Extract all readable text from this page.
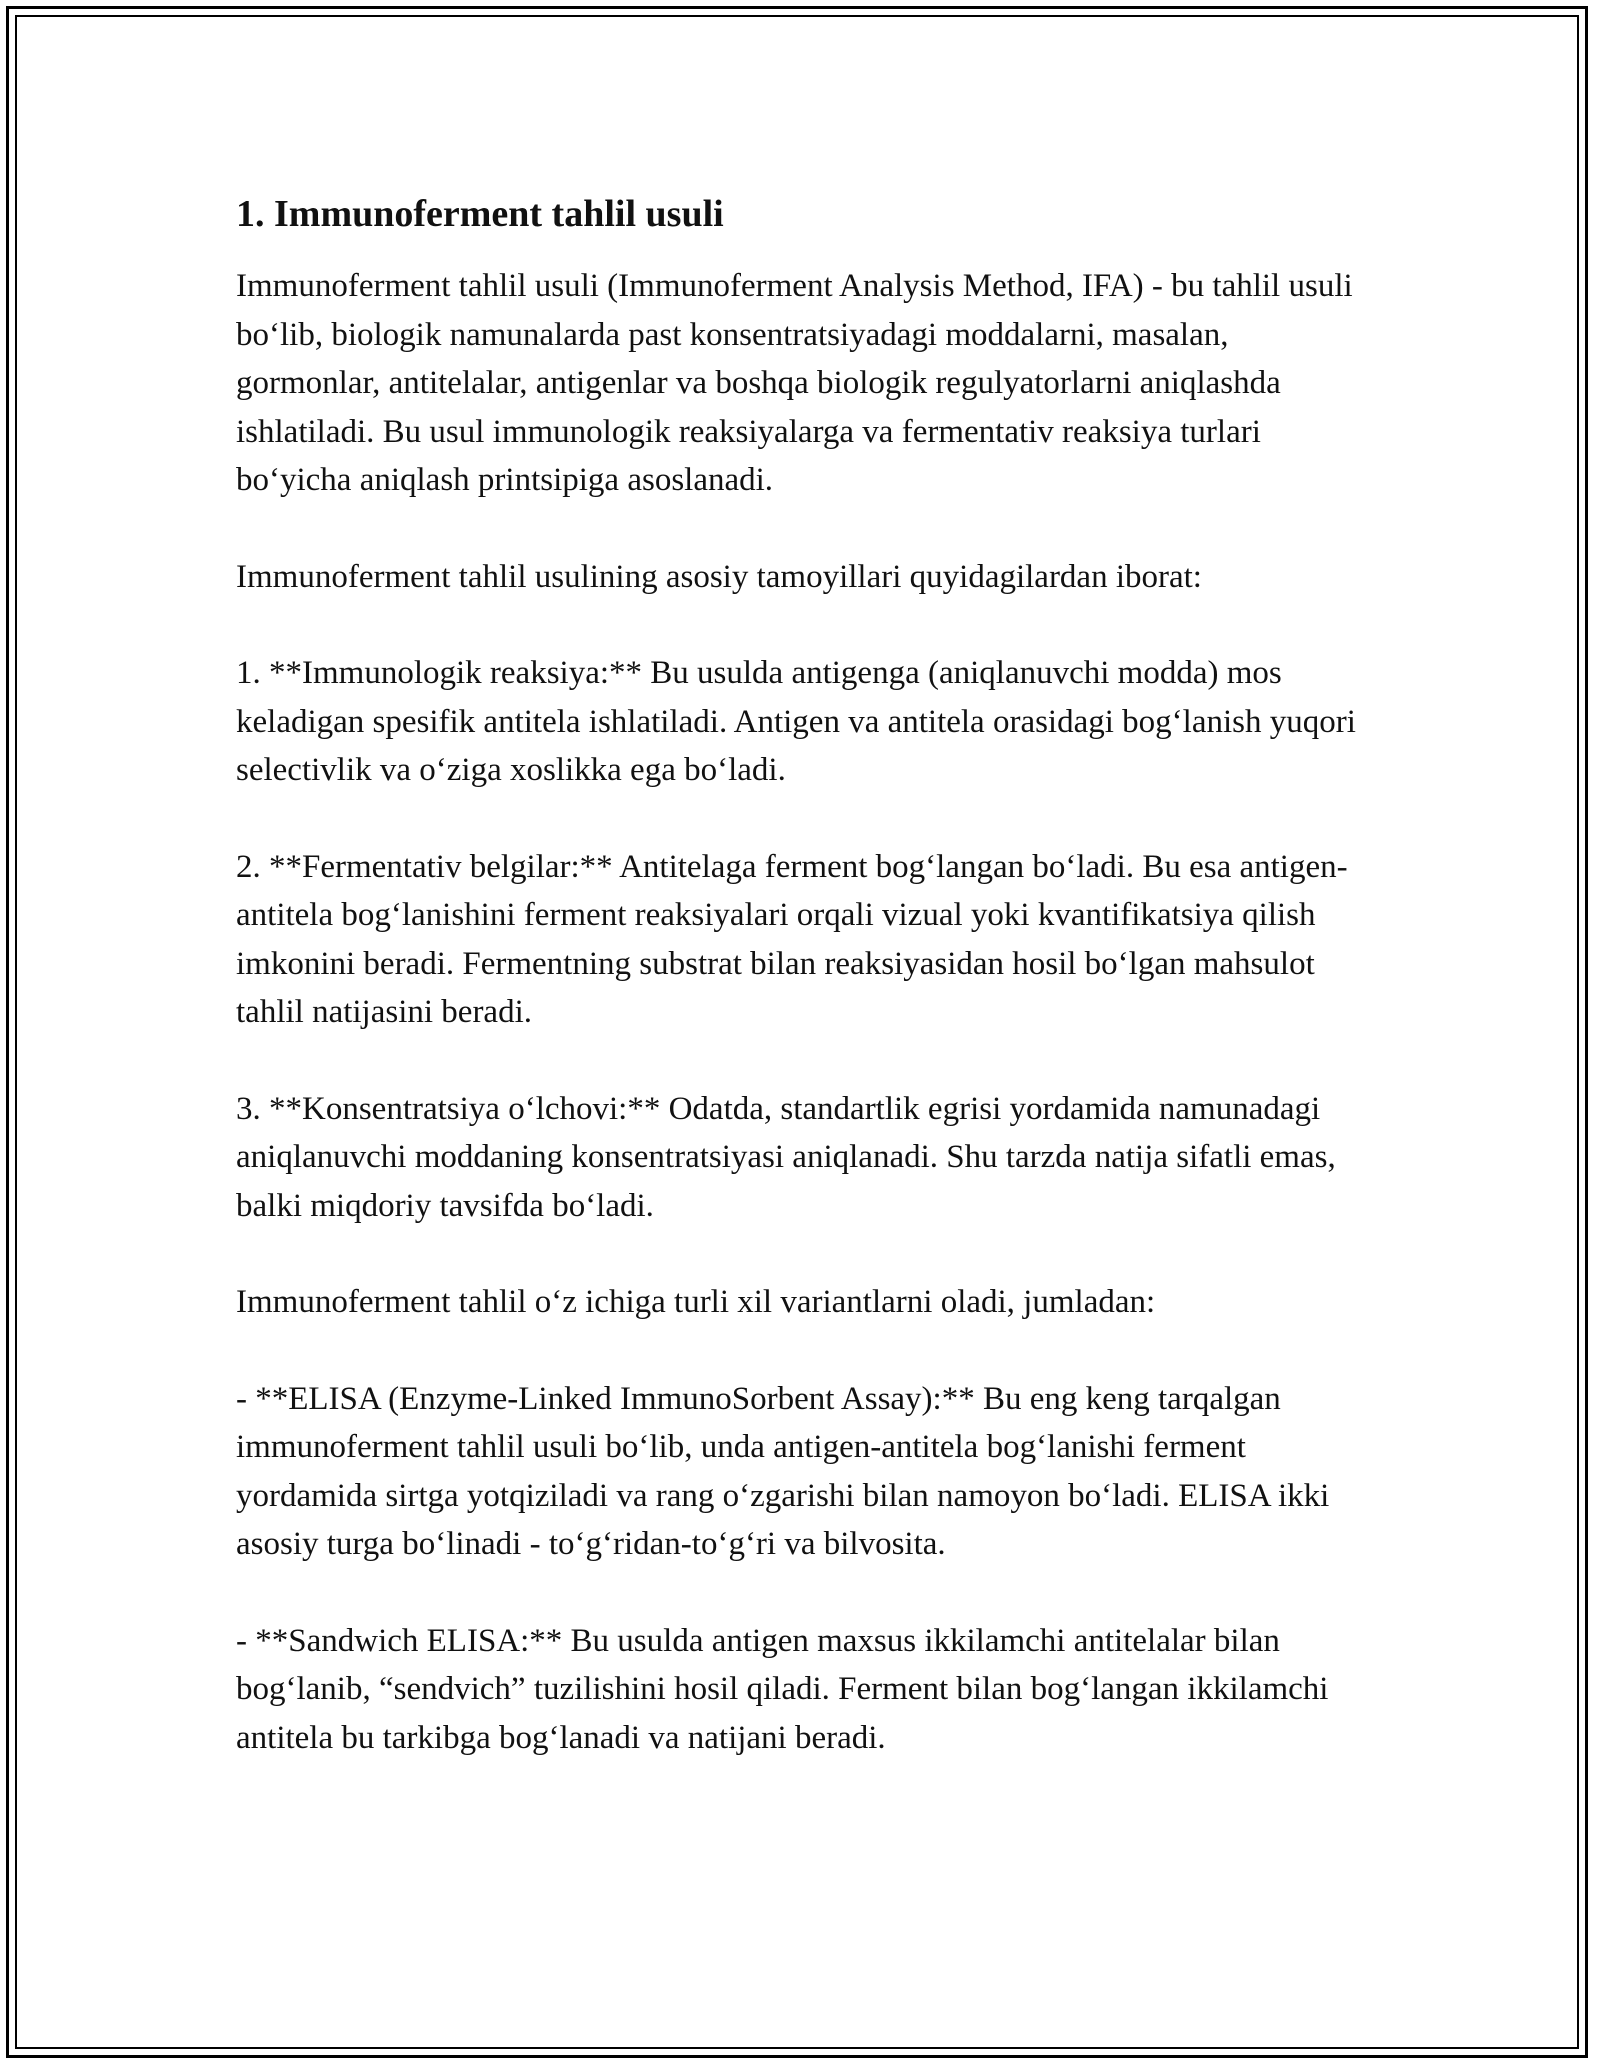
1. Immunoferment tahlil usuli

Immunoferment tahlil usuli (Immunoferment Analysis Method, IFA) - bu tahlil usuli bo‘lib, biologik namunalarda past konsentratsiyadagi moddalarni, masalan, gormonlar, antitelalar, antigenlar va boshqa biologik regulyatorlarni aniqlashda ishlatiladi. Bu usul immunologik reaksiyalarga va fermentativ reaksiya turlari bo‘yicha aniqlash printsipiga asoslanadi.

Immunoferment tahlil usulining asosiy tamoyillari quyidagilardan iborat:

1. **Immunologik reaksiya:** Bu usulda antigenga (aniqlanuvchi modda) mos keladigan spesifik antitela ishlatiladi. Antigen va antitela orasidagi bog‘lanish yuqori selectivlik va o‘ziga xoslikka ega bo‘ladi.

2. **Fermentativ belgilar:** Antitelaga ferment bog‘langan bo‘ladi. Bu esa antigen-antitela bog‘lanishini ferment reaksiyalari orqali vizual yoki kvantifikatsiya qilish imkonini beradi. Fermentning substrat bilan reaksiyasidan hosil bo‘lgan mahsulot tahlil natijasini beradi.

3. **Konsentratsiya o‘lchovi:** Odatda, standartlik egrisi yordamida namunadagi aniqlanuvchi moddaning konsentratsiyasi aniqlanadi. Shu tarzda natija sifatli emas, balki miqdoriy tavsifda bo‘ladi.

Immunoferment tahlil o‘z ichiga turli xil variantlarni oladi, jumladan:

- **ELISA (Enzyme-Linked ImmunoSorbent Assay):** Bu eng keng tarqalgan immunoferment tahlil usuli bo‘lib, unda antigen-antitela bog‘lanishi ferment yordamida sirtga yotqiziladi va rang o‘zgarishi bilan namoyon bo‘ladi. ELISA ikki asosiy turga bo‘linadi - to‘g‘ridan-to‘g‘ri va bilvosita.

- **Sandwich ELISA:** Bu usulda antigen maxsus ikkilamchi antitelalar bilan bog‘lanib, “sendvich” tuzilishini hosil qiladi. Ferment bilan bog‘langan ikkilamchi antitela bu tarkibga bog‘lanadi va natijani beradi.
